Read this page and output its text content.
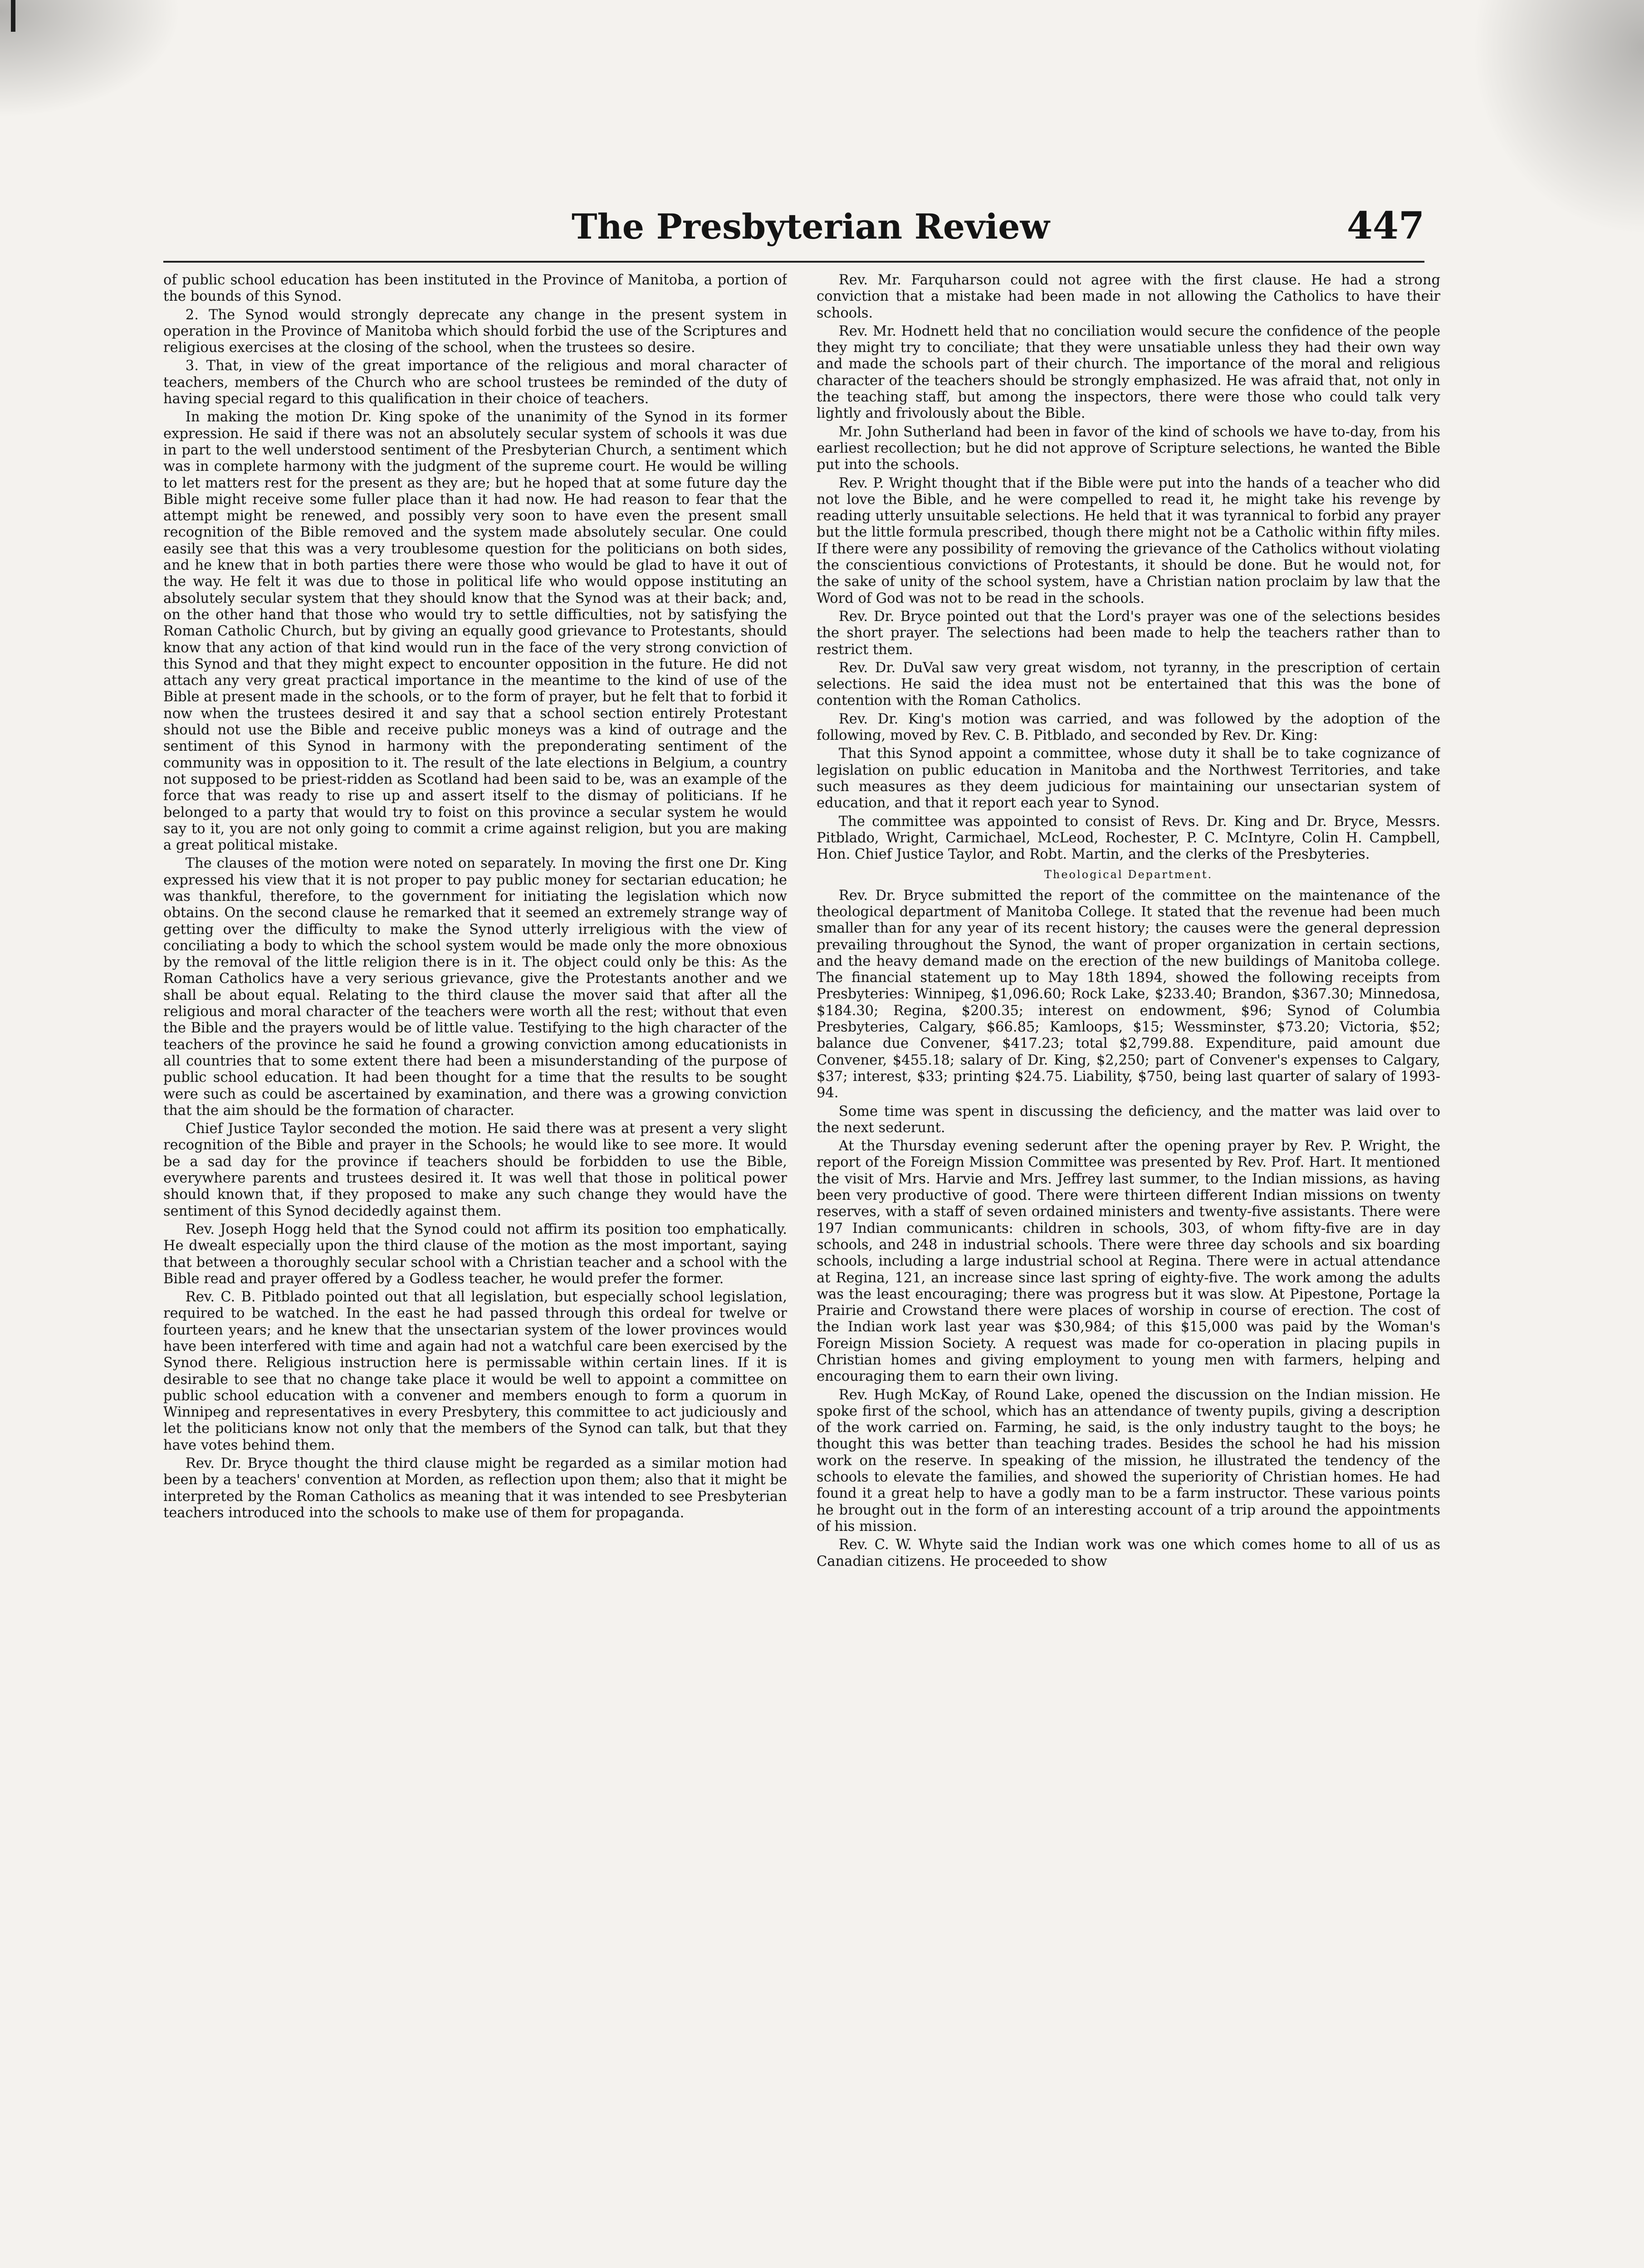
The Presbyterian Review	447

of public school education has been instituted in the Province of Manitoba, a portion of the bounds of this Synod.

2. The Synod would strongly deprecate any change in the present system in operation in the Province of Manitoba which should forbid the use of the Scriptures and religious exercises at the closing of the school, when the trustees so desire.

3. That, in view of the great importance of the religious and moral character of teachers, members of the Church who are school trustees be reminded of the duty of having special regard to this qualification in their choice of teachers.

In making the motion Dr. King spoke of the unanimity of the Synod in its former expression. He said if there was not an absolutely secular system of schools it was due in part to the well understood sentiment of the Presbyterian Church, a sentiment which was in complete harmony with the judgment of the supreme court. He would be willing to let matters rest for the present as they are; but he hoped that at some future day the Bible might receive some fuller place than it had now. He had reason to fear that the attempt might be renewed, and possibly very soon to have even the present small recognition of the Bible removed and the system made absolutely secular. One could easily see that this was a very troublesome question for the politicians on both sides, and he knew that in both parties there were those who would be glad to have it out of the way. He felt it was due to those in political life who would oppose instituting an absolutely secular system that they should know that the Synod was at their back; and, on the other hand that those who would try to settle difficulties, not by satisfying the Roman Catholic Church, but by giving an equally good grievance to Protestants, should know that any action of that kind would run in the face of the very strong conviction of this Synod and that they might expect to encounter opposition in the future. He did not attach any very great practical importance in the meantime to the kind of use of the Bible at present made in the schools, or to the form of prayer, but he felt that to forbid it now when the trustees desired it and say that a school section entirely Protestant should not use the Bible and receive public moneys was a kind of outrage and the sentiment of this Synod in harmony with the preponderating sentiment of the community was in opposition to it. The result of the late elections in Belgium, a country not supposed to be priest-ridden as Scotland had been said to be, was an example of the force that was ready to rise up and assert itself to the dismay of politicians. If he belonged to a party that would try to foist on this province a secular system he would say to it, you are not only going to commit a crime against religion, but you are making a great political mistake.

The clauses of the motion were noted on separately. In moving the first one Dr. King expressed his view that it is not proper to pay public money for sectarian education; he was thankful, therefore, to the government for initiating the legislation which now obtains. On the second clause he remarked that it seemed an extremely strange way of getting over the difficulty to make the Synod utterly irreligious with the view of conciliating a body to which the school system would be made only the more obnoxious by the removal of the little religion there is in it. The object could only be this: As the Roman Catholics have a very serious grievance, give the Protestants another and we shall be about equal. Relating to the third clause the mover said that after all the religious and moral character of the teachers were worth all the rest; without that even the Bible and the prayers would be of little value. Testifying to the high character of the teachers of the province he said he found a growing conviction among educationists in all countries that to some extent there had been a misunderstanding of the purpose of public school education. It had been thought for a time that the results to be sought were such as could be ascertained by examination, and there was a growing conviction that the aim should be the formation of character.

Chief Justice Taylor seconded the motion. He said there was at present a very slight recognition of the Bible and prayer in the Schools; he would like to see more. It would be a sad day for the province if teachers should be forbidden to use the Bible, everywhere parents and trustees desired it. It was well that those in political power should known that, if they proposed to make any such change they would have the sentiment of this Synod decidedly against them.

Rev. Joseph Hogg held that the Synod could not affirm its position too emphatically. He dwealt especially upon the third clause of the motion as the most important, saying that between a thoroughly secular school with a Christian teacher and a school with the Bible read and prayer offered by a Godless teacher, he would prefer the former.

Rev. C. B. Pitblado pointed out that all legislation, but especially school legislation, required to be watched. In the east he had passed through this ordeal for twelve or fourteen years; and he knew that the unsectarian system of the lower provinces would have been interfered with time and again had not a watchful care been exercised by the Synod there. Religious instruction here is permissable within certain lines. If it is desirable to see that no change take place it would be well to appoint a committee on public school education with a convener and members enough to form a quorum in Winnipeg and representatives in every Presbytery, this committee to act judiciously and let the politicians know not only that the members of the Synod can talk, but that they have votes behind them.

Rev. Dr. Bryce thought the third clause might be regarded as a similar motion had been by a teachers' convention at Morden, as reflection upon them; also that it might be interpreted by the Roman Catholics as meaning that it was intended to see Presbyterian teachers introduced into the schools to make use of them for propaganda.

Rev. Mr. Farquharson could not agree with the first clause. He had a strong conviction that a mistake had been made in not allowing the Catholics to have their schools.

Rev. Mr. Hodnett held that no conciliation would secure the confidence of the people they might try to conciliate; that they were unsatiable unless they had their own way and made the schools part of their church. The importance of the moral and religious character of the teachers should be strongly emphasized. He was afraid that, not only in the teaching staff, but among the inspectors, there were those who could talk very lightly and frivolously about the Bible.

Mr. John Sutherland had been in favor of the kind of schools we have to-day, from his earliest recollection; but he did not approve of Scripture selections, he wanted the Bible put into the schools.

Rev. P. Wright thought that if the Bible were put into the hands of a teacher who did not love the Bible, and he were compelled to read it, he might take his revenge by reading utterly unsuitable selections. He held that it was tyrannical to forbid any prayer but the little formula prescribed, though there might not be a Catholic within fifty miles. If there were any possibility of removing the grievance of the Catholics without violating the conscientious convictions of Protestants, it should be done. But he would not, for the sake of unity of the school system, have a Christian nation proclaim by law that the Word of God was not to be read in the schools.

Rev. Dr. Bryce pointed out that the Lord's prayer was one of the selections besides the short prayer. The selections had been made to help the teachers rather than to restrict them.

Rev. Dr. DuVal saw very great wisdom, not tyranny, in the prescription of certain selections. He said the idea must not be entertained that this was the bone of contention with the Roman Catholics.

Rev. Dr. King's motion was carried, and was followed by the adoption of the following, moved by Rev. C. B. Pitblado, and seconded by Rev. Dr. King:

That this Synod appoint a committee, whose duty it shall be to take cognizance of legislation on public education in Manitoba and the Northwest Territories, and take such measures as they deem judicious for maintaining our unsectarian system of education, and that it report each year to Synod.

The committee was appointed to consist of Revs. Dr. King and Dr. Bryce, Messrs. Pitblado, Wright, Carmichael, McLeod, Rochester, P. C. McIntyre, Colin H. Campbell, Hon. Chief Justice Taylor, and Robt. Martin, and the clerks of the Presbyteries.

Theological Department.

Rev. Dr. Bryce submitted the report of the committee on the maintenance of the theological department of Manitoba College. It stated that the revenue had been much smaller than for any year of its recent history; the causes were the general depression prevailing throughout the Synod, the want of proper organization in certain sections, and the heavy demand made on the erection of the new buildings of Manitoba college. The financial statement up to May 18th 1894, showed the following receipts from Presbyteries: Winnipeg, $1,096.60; Rock Lake, $233.40; Brandon, $367.30; Minnedosa, $184.30; Regina, $200.35; interest on endowment, $96; Synod of Columbia Presbyteries, Calgary, $66.85; Kamloops, $15; Wessminster, $73.20; Victoria, $52; balance due Convener, $417.23; total $2,799.88. Expenditure, paid amount due Convener, $455.18; salary of Dr. King, $2,250; part of Convener's expenses to Calgary, $37; interest, $33; printing $24.75. Liability, $750, being last quarter of salary of 1993-94.

Some time was spent in discussing the deficiency, and the matter was laid over to the next sederunt.

At the Thursday evening sederunt after the opening prayer by Rev. P. Wright, the report of the Foreign Mission Committee was presented by Rev. Prof. Hart. It mentioned the visit of Mrs. Harvie and Mrs. Jeffrey last summer, to the Indian missions, as having been very productive of good. There were thirteen different Indian missions on twenty reserves, with a staff of seven ordained ministers and twenty-five assistants. There were 197 Indian communicants: children in schools, 303, of whom fifty-five are in day schools, and 248 in industrial schools. There were three day schools and six boarding schools, including a large industrial school at Regina. There were in actual attendance at Regina, 121, an increase since last spring of eighty-five. The work among the adults was the least encouraging; there was progress but it was slow. At Pipestone, Portage la Prairie and Crowstand there were places of worship in course of erection. The cost of the Indian work last year was $30,984; of this $15,000 was paid by the Woman's Foreign Mission Society. A request was made for co-operation in placing pupils in Christian homes and giving employment to young men with farmers, helping and encouraging them to earn their own living.

Rev. Hugh McKay, of Round Lake, opened the discussion on the Indian mission. He spoke first of the school, which has an attendance of twenty pupils, giving a description of the work carried on. Farming, he said, is the only industry taught to the boys; he thought this was better than teaching trades. Besides the school he had his mission work on the reserve. In speaking of the mission, he illustrated the tendency of the schools to elevate the families, and showed the superiority of Christian homes. He had found it a great help to have a godly man to be a farm instructor. These various points he brought out in the form of an interesting account of a trip around the appointments of his mission.

Rev. C. W. Whyte said the Indian work was one which comes home to all of us as Canadian citizens. He proceeded to show
